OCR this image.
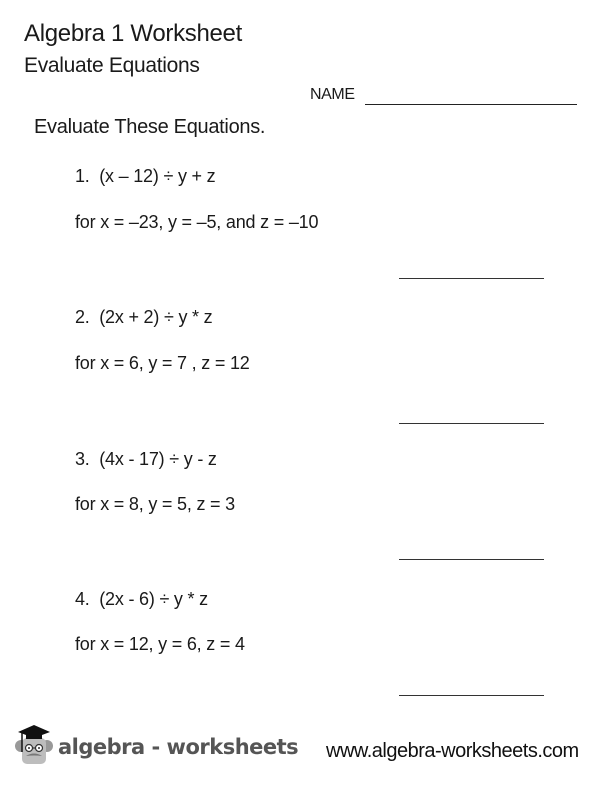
Algebra 1 Worksheet
Evaluate Equations
NAME
Evaluate These Equations.
1. (x – 12) ÷ y + z
for x = –23, y = –5, and z = –10
2. (2x + 2) ÷ y * z
for x = 6, y = 7 , z = 12
3. (4x - 17) ÷ y - z
for x = 8, y = 5, z = 3
4. (2x - 6) ÷ y * z
for x = 12, y = 6, z = 4
algebra - worksheets www.algebra-worksheets.com
